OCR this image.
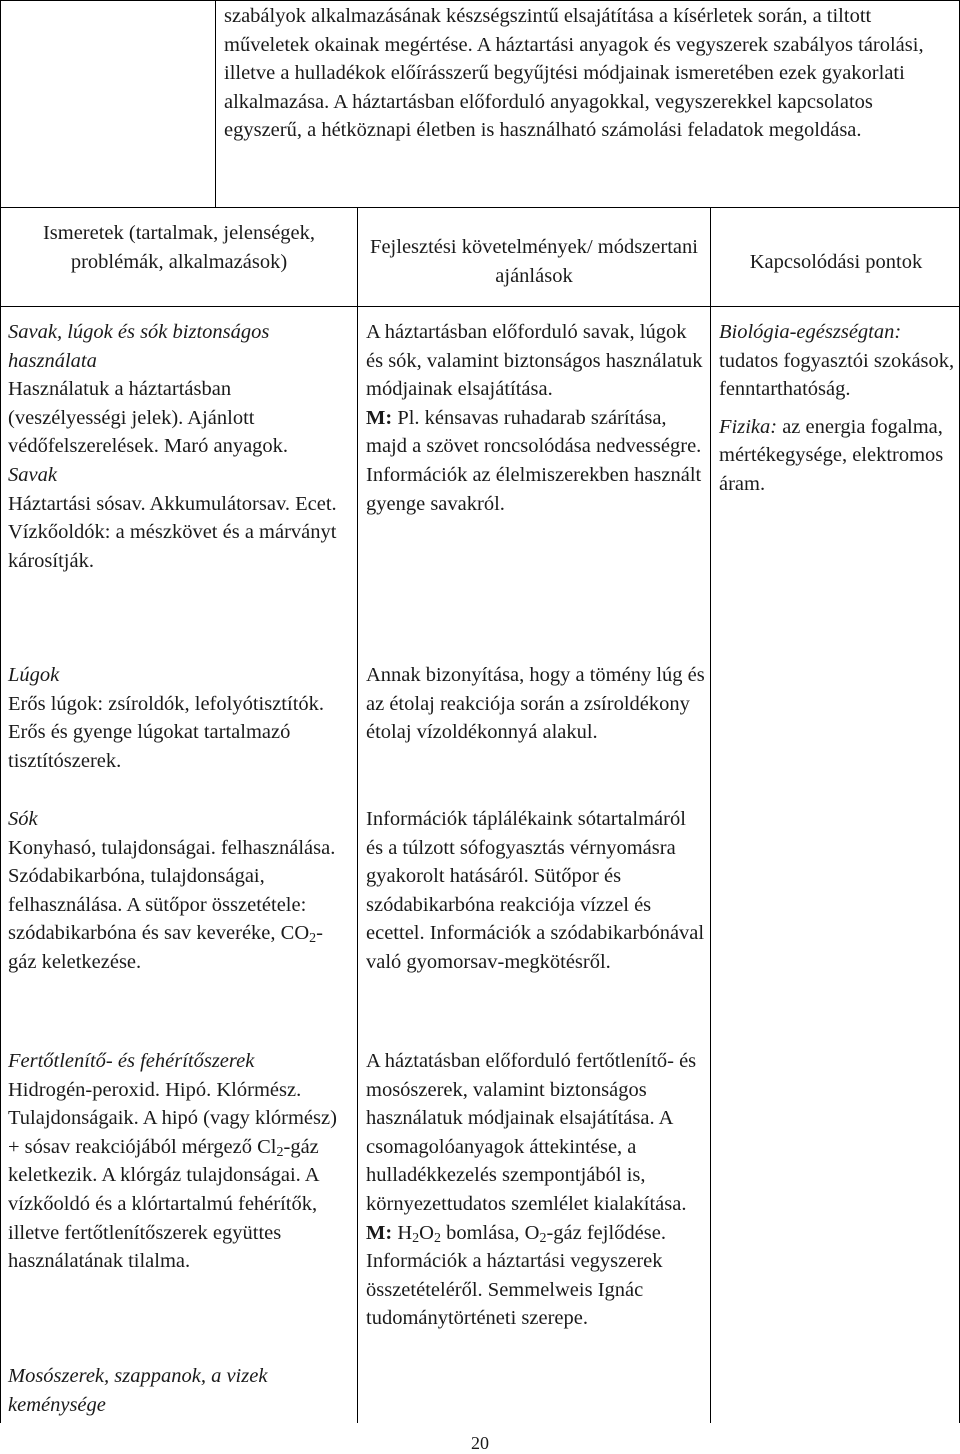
szabályok alkalmazásának készségszintű elsajátítása a kísérletek során, a tiltott műveletek okainak megértése. A háztartási anyagok és vegyszerek szabályos tárolási, illetve a hulladékok előírásszerű begyűjtési módjainak ismeretében ezek gyakorlati alkalmazása. A háztartásban előforduló anyagokkal, vegyszerekkel kapcsolatos egyszerű, a hétköznapi életben is használható számolási feladatok megoldása.

Ismeretek (tartalmak, jelenségek, problémák, alkalmazások)

Fejlesztési követelmények/ módszertani ajánlások

Kapcsolódási pontok

Savak, lúgok és sók biztonságos használata

Használatuk a háztartásban (veszélyességi jelek). Ajánlott védőfelszerelések. Maró anyagok.

Savak

Háztartási sósav. Akkumulátorsav. Ecet. Vízkőoldók: a mészkövet és a márványt károsítják.

Lúgok

Erős lúgok: zsíroldók, lefolyótisztítók. Erős és gyenge lúgokat tartalmazó tisztítószerek.

Sók

Konyhasó, tulajdonságai. felhasználása. Szódabikarbóna, tulajdonságai, felhasználása. A sütőpor összetétele: szódabikarbóna és sav keveréke, $CO_2$-gáz keletkezése.

Fertőtlenítő- és fehérítőszerek

Hidrogén-peroxid. Hipó. Klórmész. Tulajdonságaik. A hipó (vagy klórmész) + sósav reakciójából mérgező $Cl_2$-gáz keletkezik. A klórgáz tulajdonságai. A vízkőoldó és a klórtartalmú fehérítők, illetve fertőtlenítőszerek együttes használatának tilalma.

Mosószerek, szappanok, a vizek keménysége

A háztartásban előforduló savak, lúgok és sók, valamint biztonságos használatuk módjainak elsajátítása.

M: Pl. kénsavas ruhadarab szárítása, majd a szövet roncsolódása nedvességre. Információk az élelmiszerekben használt gyenge savakról.

Annak bizonyítása, hogy a tömény lúg és az étolaj reakciója során a zsíroldékony étolaj vízoldékonnyá alakul.

Információk táplálékaink sótartalmáról és a túlzott sófogyasztás vérnyomásra gyakorolt hatásáról. Sütőpor és szódabikarbóna reakciója vízzel és ecettel. Információk a szódabikarbónával való gyomorsav-megkötésről.

A háztatásban előforduló fertőtlenítő- és mosószerek, valamint biztonságos használatuk módjainak elsajátítása. A csomagolóanyagok áttekintése, a hulladékkezelés szempontjából is, környezettudatos szemlélet kialakítása.

M: $H_2O_2$ bomlása, $O_2$-gáz fejlődése. Információk a háztartási vegyszerek összetételéről. Semmelweis Ignác tudománytörténeti szerepe.

Biológia-egészségtan: tudatos fogyasztói szokások, fenntarthatóság.

Fizika: az energia fogalma, mértékegysége, elektromos áram.

20
